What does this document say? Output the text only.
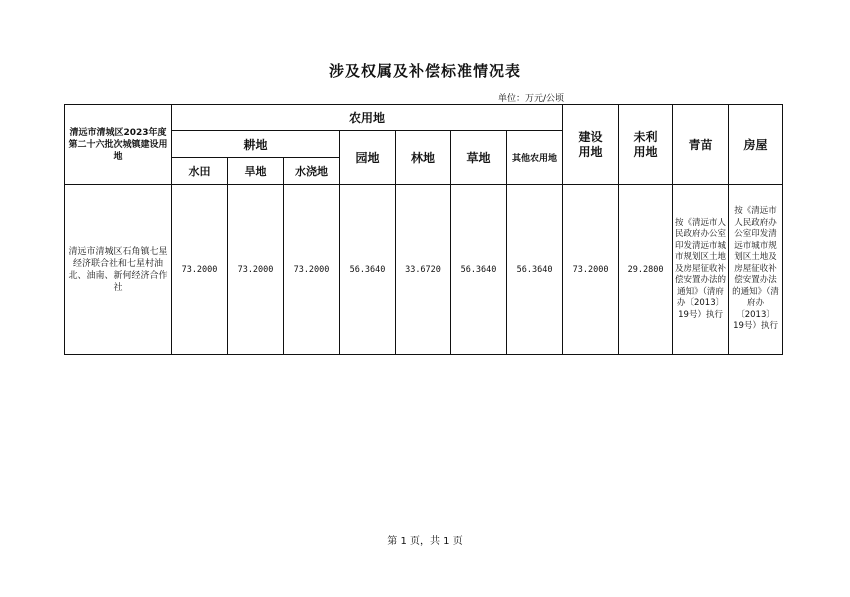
涉及权属及补偿标准情况表
单位：万元/公顷
清远市清城区2023年度第二十六批次城镇建设用地	农用地							建设用地	未利用地	青苗	房屋
	耕地			园地	林地	草地	其他农用地				
	水田	旱地	水浇地								
清远市清城区石角镇七星经济联合社和七星村油北、油南、新何经济合作社	73.2000	73.2000	73.2000	56.3640	33.6720	56.3640	56.3640	73.2000	29.2800	按《清远市人民政府办公室印发清远市城市规划区土地及房屋征收补偿安置办法的通知》（清府办〔2013〕19号）执行	按《清远市人民政府办公室印发清远市城市规划区土地及房屋征收补偿安置办法的通知》（清府办〔2013〕19号）执行
第 1 页，共 1 页
